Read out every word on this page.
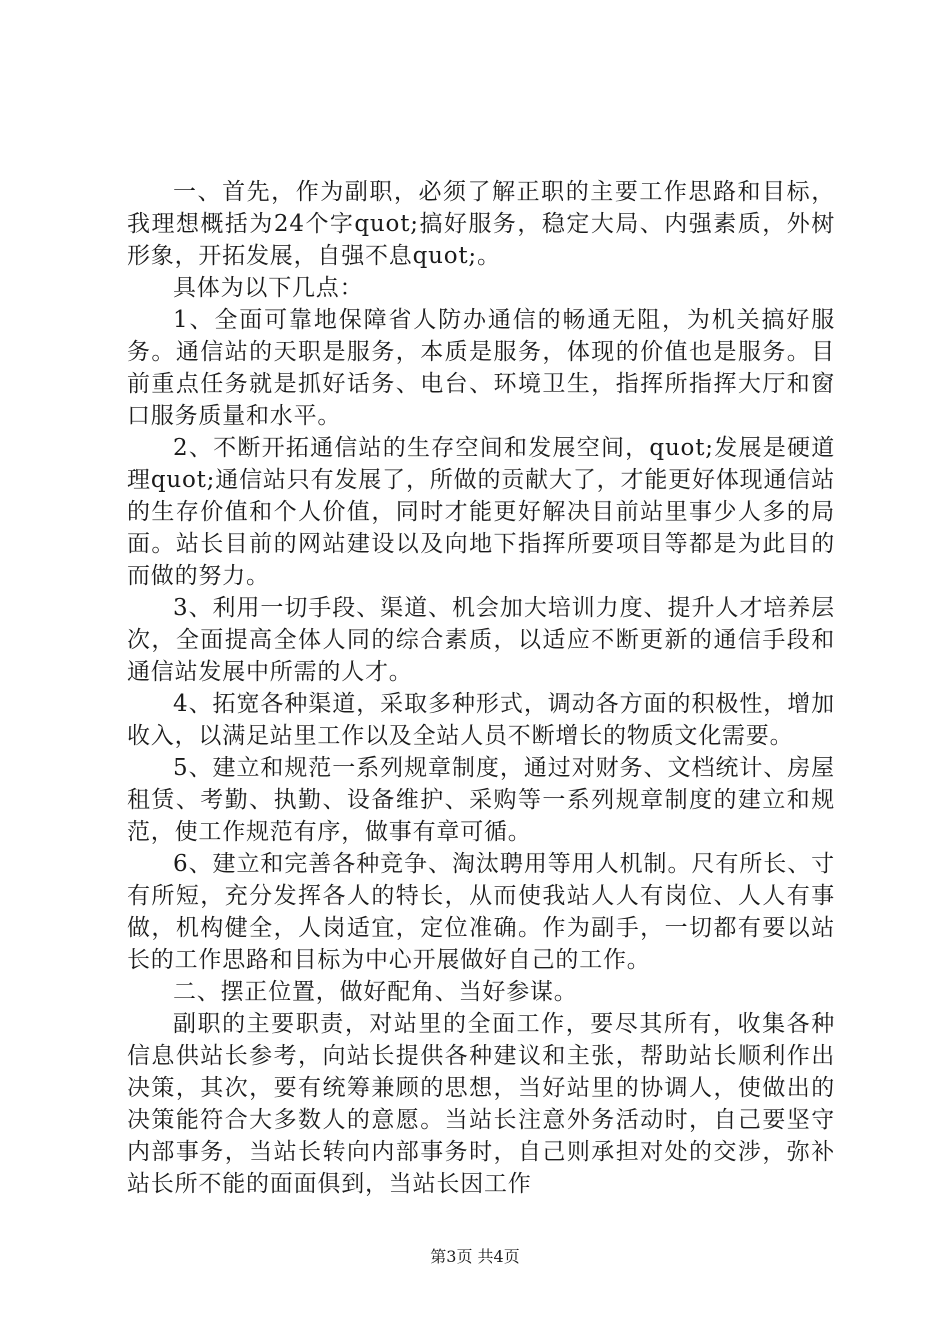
一、首先，作为副职，必须了解正职的主要工作思路和目标，我理想概括为24个字quot;搞好服务，稳定大局、内强素质，外树形象，开拓发展，自强不息quot;。

具体为以下几点：

1、全面可靠地保障省人防办通信的畅通无阻，为机关搞好服务。通信站的天职是服务，本质是服务，体现的价值也是服务。目前重点任务就是抓好话务、电台、环境卫生，指挥所指挥大厅和窗口服务质量和水平。

2、不断开拓通信站的生存空间和发展空间，quot;发展是硬道理quot;通信站只有发展了，所做的贡献大了，才能更好体现通信站的生存价值和个人价值，同时才能更好解决目前站里事少人多的局面。站长目前的网站建设以及向地下指挥所要项目等都是为此目的而做的努力。

3、利用一切手段、渠道、机会加大培训力度、提升人才培养层次，全面提高全体人同的综合素质，以适应不断更新的通信手段和通信站发展中所需的人才。

4、拓宽各种渠道，采取多种形式，调动各方面的积极性，增加收入，以满足站里工作以及全站人员不断增长的物质文化需要。

5、建立和规范一系列规章制度，通过对财务、文档统计、房屋租赁、考勤、执勤、设备维护、采购等一系列规章制度的建立和规范，使工作规范有序，做事有章可循。

6、建立和完善各种竞争、淘汰聘用等用人机制。尺有所长、寸有所短，充分发挥各人的特长，从而使我站人人有岗位、人人有事做，机构健全，人岗适宜，定位准确。作为副手，一切都有要以站长的工作思路和目标为中心开展做好自己的工作。

二、摆正位置，做好配角、当好参谋。

副职的主要职责，对站里的全面工作，要尽其所有，收集各种信息供站长参考，向站长提供各种建议和主张，帮助站长顺利作出决策，其次，要有统筹兼顾的思想，当好站里的协调人，使做出的决策能符合大多数人的意愿。当站长注意外务活动时，自己要坚守内部事务，当站长转向内部事务时，自己则承担对处的交涉，弥补站长所不能的面面俱到，当站长因工作

第3页 共4页
